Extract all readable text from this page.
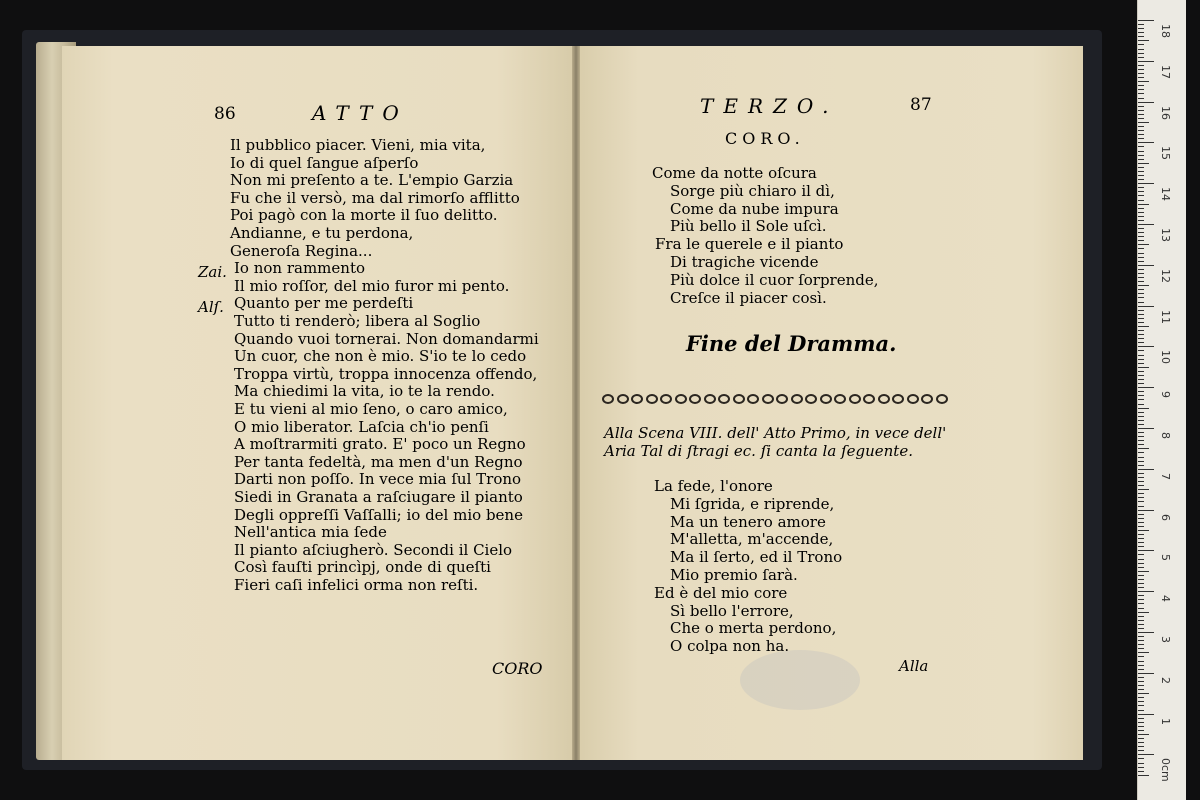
86	ATTO
Il pubblico piacer. Vieni, mia vita,
Io di quel ſangue aſperſo
Non mi preſento a te. L'empio Garzia
Fu che il versò, ma dal rimorſo afflitto
Poi pagò con la morte il ſuo delitto.
Andianne, e tu perdona,
Generoſa Regina...
Io non rammento
Il mio roſſor, del mio furor mi pento.
Quanto per me perdeſti
Tutto ti renderò; libera al Soglio
Quando vuoi tornerai. Non domandarmi
Un cuor, che non è mio. S'io te lo cedo
Troppa virtù, troppa innocenza offendo,
Ma chiedimi la vita, io te la rendo.
E tu vieni al mio ſeno, o caro amico,
O mio liberator. Laſcia ch'io penſi
A moſtrarmiti grato. E' poco un Regno
Per tanta fedeltà, ma men d'un Regno
Darti non poſſo. In vece mia ſul Trono
Siedi in Granata a raſciugare il pianto
Degli oppreſſi Vaſſalli; io del mio bene
Nell'antica mia ſede
Il pianto aſciugherò. Secondi il Cielo
Così fauſti princìpj, onde di queſti
Fieri caſi infelici orma non reſti.
Zai.
Alſ.
CORO
TERZO.	87
CORO.
Come da notte oſcura
Sorge più chiaro il dì,
Come da nube impura
Più bello il Sole uſcì.
Fra le querele e il pianto
Di tragiche vicende
Più dolce il cuor ſorprende,
Creſce il piacer così.
Fine del Dramma.
Alla Scena VIII. dell' Atto Primo, in vece dell'
Aria Tal di ſtragi ec. ſi canta la ſeguente.
La fede, l'onore
Mi ſgrida, e riprende,
Ma un tenero amore
M'alletta, m'accende,
Ma il ſerto, ed il Trono
Mio premio ſarà.
Ed è del mio core
Sì bello l'errore,
Che o merta perdono,
O colpa non ha.
Alla
18
17
16
15
14
13
12
11
10
9
8
7
6
5
4
3
2
1
0cm
